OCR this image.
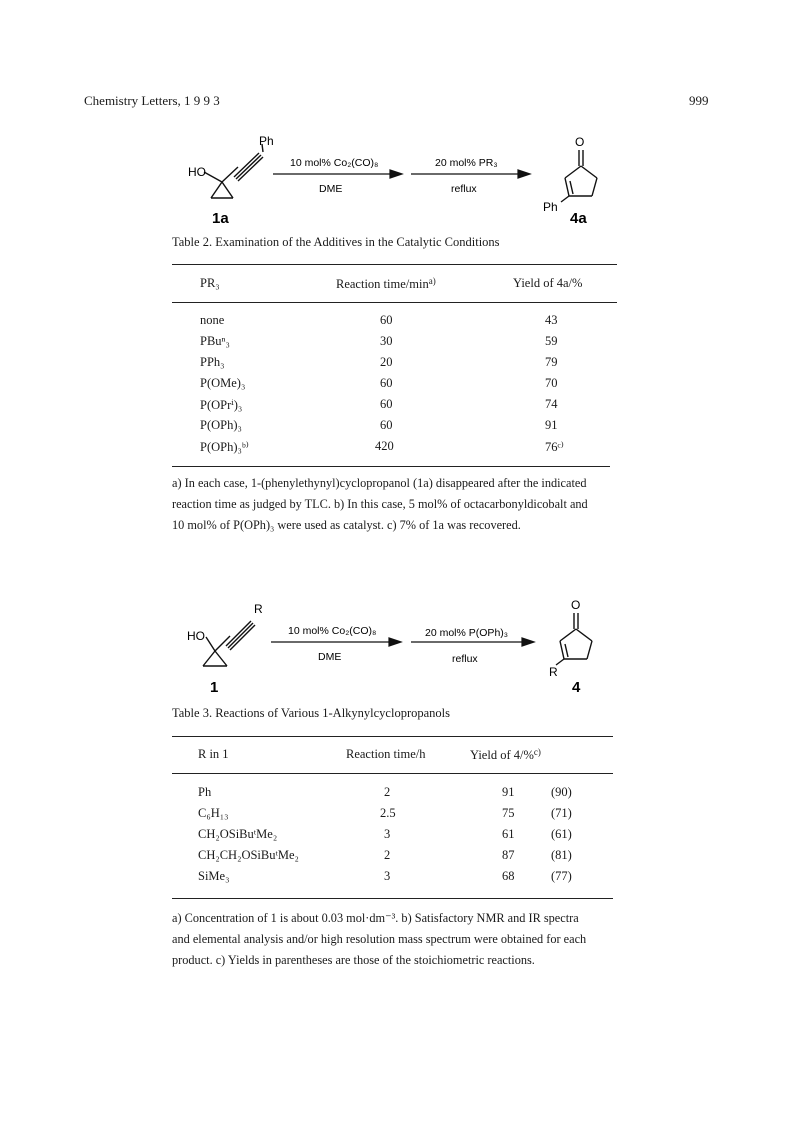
Chemistry Letters, 1 9 9 3	999
Ph
HO
O
Ph
10 mol% Co₂(CO)₈
DME
20 mol% PR₃
reflux
1a	4a
Table 2. Examination of the Additives in the Catalytic Conditions
PR₃	Reaction time/$\min^{a)}$	Yield of 4a/%
none	60	43
PBuⁿ₃	30	59
PPh₃	20	79
P(OMe)₃	60	70
P(OPrⁱ)₃	60	74
P(OPh)₃	60	91
P(OPh)₃ᵇ⁾	420	76ᶜ⁾
a) In each case, 1-(phenylethynyl)cyclopropanol (1a) disappeared after the indicated
reaction time as judged by TLC. b) In this case, 5 mol% of octacarbonyldicobalt and
10 mol% of P(OPh)₃ were used as catalyst. c) 7% of 1a was recovered.
R
HO
O
R
10 mol% Co₂(CO)₈
DME
20 mol% P(OPh)₃
reflux
1	4
Table 3. Reactions of Various 1-Alkynylcyclopropanols
R in 1	Reaction time/h	Yield of 4/%$^{c)}$
Ph	2	91	(90)
C₆H₁₃	2.5	75	(71)
CH₂OSiBuᵗMe₂	3	61	(61)
CH₂CH₂OSiBuᵗMe₂	2	87	(81)
SiMe₃	3	68	(77)
a) Concentration of 1 is about 0.03 mol·dm⁻³. b) Satisfactory NMR and IR spectra
and elemental analysis and/or high resolution mass spectrum were obtained for each
product. c) Yields in parentheses are those of the stoichiometric reactions.
